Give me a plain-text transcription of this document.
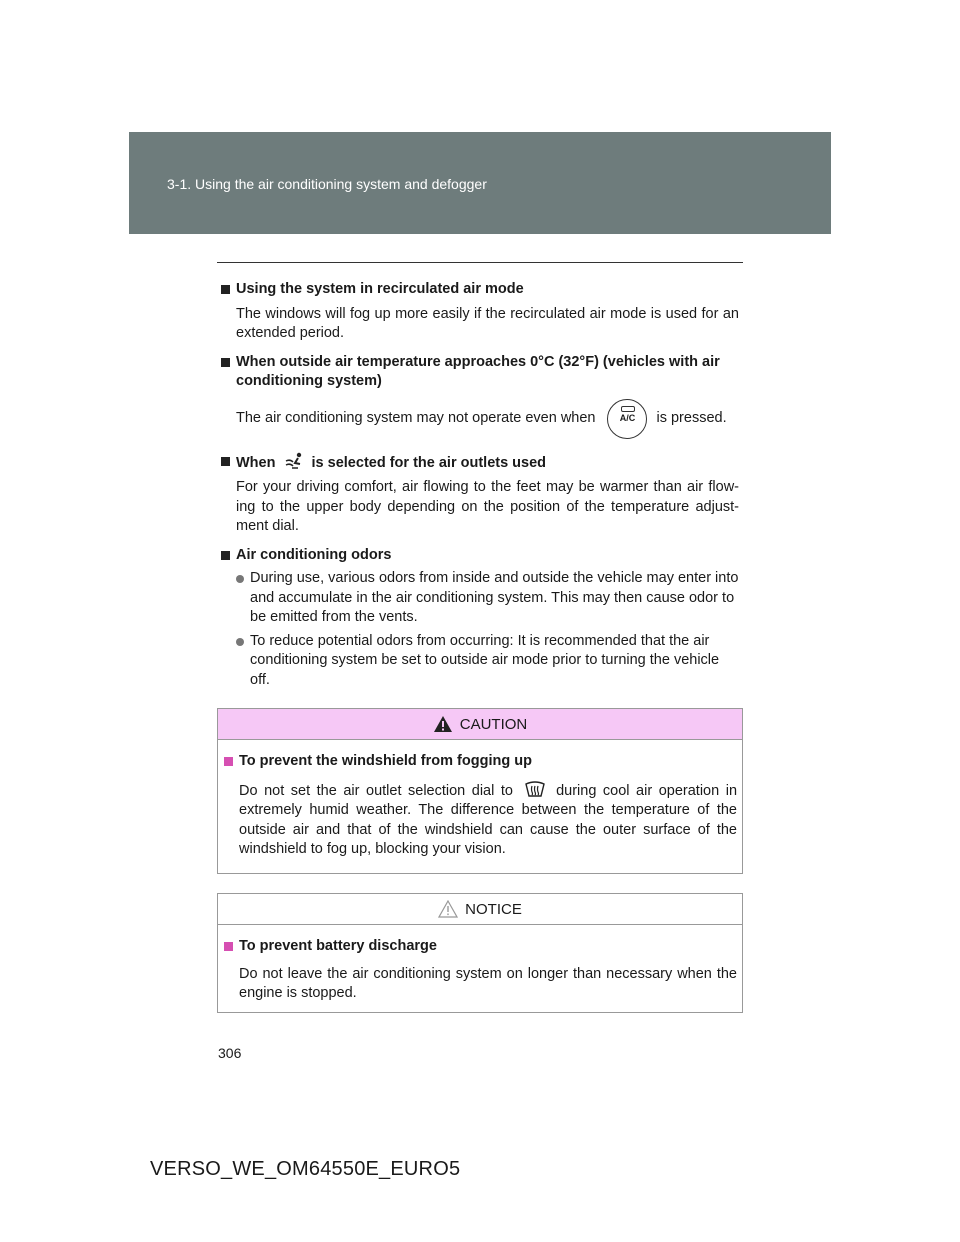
3-1. Using the air conditioning system and defogger
Using the system in recirculated air mode
The windows will fog up more easily if the recirculated air mode is used for an extended period.
When outside air temperature approaches 0°C (32°F) (vehicles with air conditioning system)
The air conditioning system may not operate even when	A/C is pressed.
When is selected for the air outlets used
For your driving comfort, air flowing to the feet may be warmer than air flow-ing to the upper body depending on the position of the temperature adjust-ment dial.
Air conditioning odors
During use, various odors from inside and outside the vehicle may enter into and accumulate in the air conditioning system. This may then cause odor to be emitted from the vents.
To reduce potential odors from occurring: It is recommended that the air conditioning system be set to outside air mode prior to turning the vehicle off.
CAUTION
To prevent the windshield from fogging up
Do not set the air outlet selection dial to	during cool air operation in extremely humid weather. The difference between the temperature of the outside air and that of the windshield can cause the outer surface of the windshield to fog up, blocking your vision.
NOTICE
To prevent battery discharge
Do not leave the air conditioning system on longer than necessary when the engine is stopped.
306
VERSO_WE_OM64550E_EURO5
